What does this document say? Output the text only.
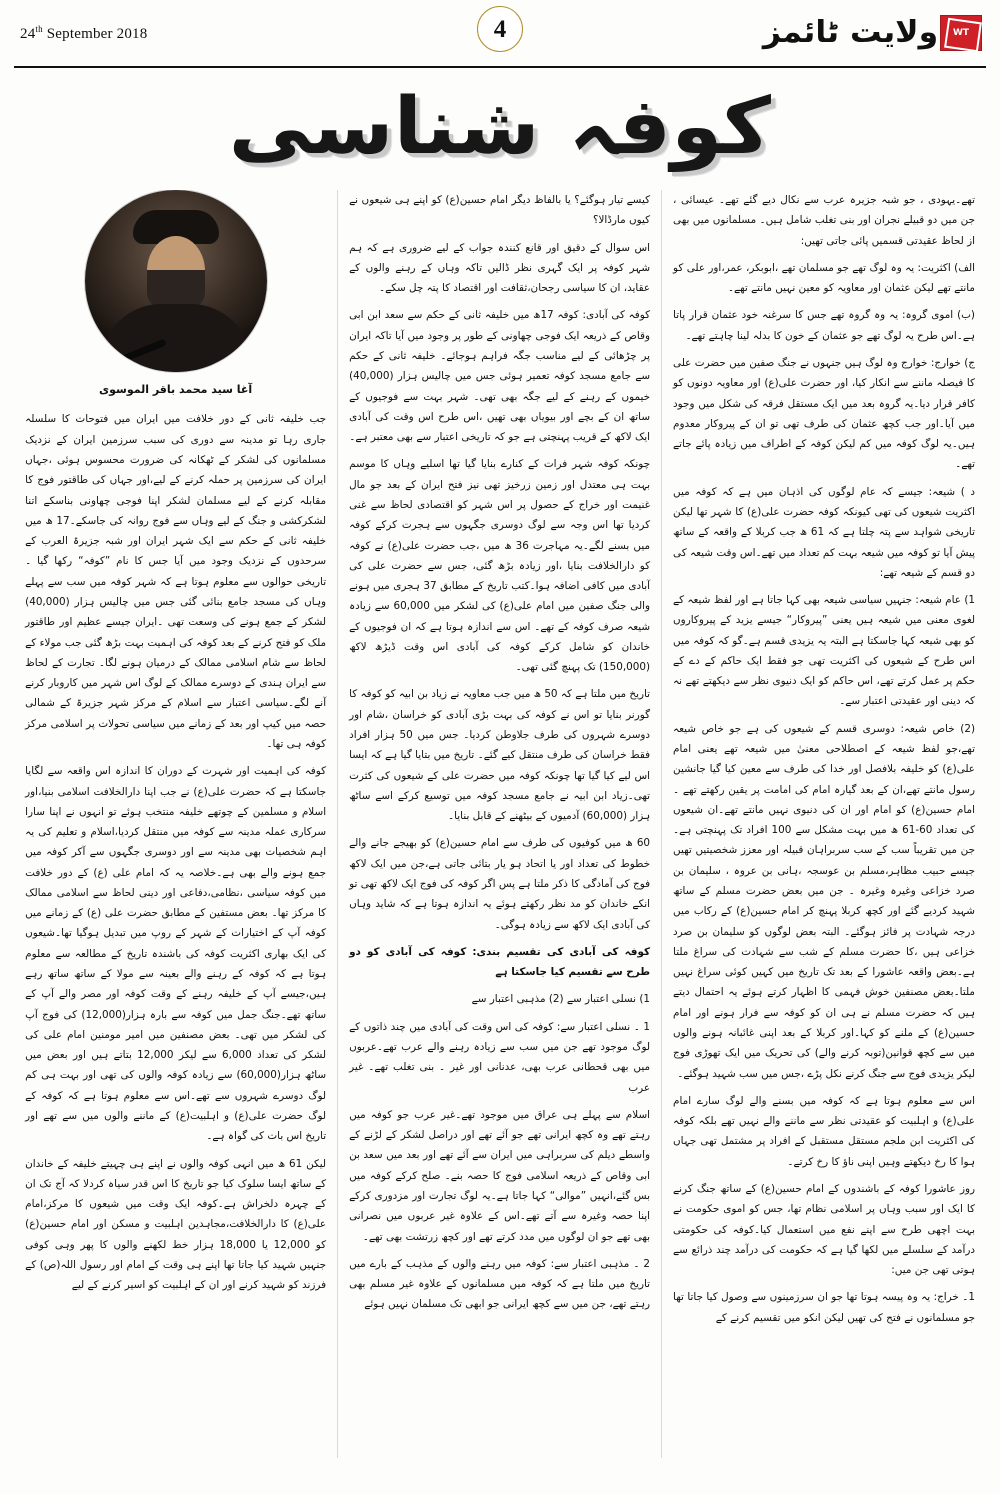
24th September 2018	4	ولایت ٹائمز WT
کوفہ شناسی

تھے۔یہودی ، جو شبہ جزیرہ عرب سے نکال دیے گئے تھے۔ عیسائی ، جن میں دو قبیلے نجران اور بنی تغلب شامل ہیں۔ مسلمانوں میں بھی از لحاظ عقیدتی قسمیں پائی جاتی تھیں:

الف) اکثریت: یہ وہ لوگ تھے جو مسلمان تھے ،ابوبکر، عمر،اور علی کو مانتے تھے لیکن عثمان اور معاویہ کو معین نہیں مانتے تھے۔

(ب) اموی گروہ: یہ وہ گروہ تھے جس کا سرغنہ خود عثمان قرار پاتا ہے۔اس طرح یہ لوگ تھے جو عثمان کے خون کا بدلہ لینا چاہتے تھے۔

ج) خوارج: خوارج وہ لوگ ہیں جنہوں نے جنگ صفین میں حضرت علی کا فیصلہ ماننے سے انکار کیا، اور حضرت علی(ع) اور معاویہ دونوں کو کافر قرار دیا۔یہ گروہ بعد میں ایک مستقل فرقہ کی شکل میں وجود میں آیا۔اور جب کچھ عثمان کی طرف تھی تو ان کے پیروکار معدوم ہیں۔یہ لوگ کوفہ میں کم لیکن کوفہ کے اطراف میں زیادہ پائے جاتے تھے۔

د ) شیعہ: جیسے کہ عام لوگوں کی اذہان میں ہے کہ کوفہ میں اکثریت شیعوں کی تھی کیونکہ کوفہ حضرت علی(ع) کا شہر تھا لیکن تاریخی شواہد سے پتہ چلتا ہے کہ 61 ھ جب کربلا کے واقعہ کے ساتھ پیش آیا تو کوفہ میں شیعہ بہت کم تعداد میں تھے۔اس وقت شیعہ کی دو قسم کے شیعہ تھے:

1) عام شیعہ: جنہیں سیاسی شیعہ بھی کہا جاتا ہے اور لفظ شیعہ کے لغوی معنی میں شیعہ ہیں یعنی ”پیروکار“ جیسے یزید کے پیروکاروں کو بھی شیعہ کہا جاسکتا ہے البتہ یہ یزیدی قسم ہے۔گو کہ کوفہ میں اس طرح کے شیعوں کی اکثریت تھی جو فقط ایک حاکم کے دے کے حکم پر عمل کرتے تھے، اس حاکم کو ایک دنیوی نظر سے دیکھتے تھے نہ کہ دینی اور عقیدتی اعتبار سے۔

(2) خاص شیعہ: دوسری قسم کے شیعوں کی ہے جو خاص شیعہ تھے،جو لفظ شیعہ کے اصطلاحی معنیٰ میں شیعہ تھے یعنی امام علی(ع) کو خلیفہ بلافصل اور خدا کی طرف سے معین کیا گیا جانشین رسول مانتے تھے،ان کے بعد گیارہ امام کی امامت پر یقین رکھتے تھے ۔امام حسین(ع) کو امام اور ان کی دنیوی نہیں مانتے تھے۔ان شیعوں کی تعداد 60-61 ھ میں بہت مشکل سے 100 افراد تک پہنچتی ہے۔ جن میں تقریباً سب کے سب سربراہان قبیلہ اور معزز شخصیتیں تھیں جیسے حبیب مظاہر،مسلم بن عوسجہ ،ہانی بن عروہ ، سلیمان بن صرد خزاعی وغیرہ وغیرہ ۔ جن میں بعض حضرت مسلم کے ساتھ شہید کردیے گئے اور کچھ کربلا پہنچ کر امام حسین(ع) کے رکاب میں درجہ شہادت پر فائز ہوگئے۔ البتہ بعض لوگوں کو سلیمان بن صرد خزاعی ہیں ،کا حضرت مسلم کے شب سے شہادت کی سراغ ملتا ہے۔بعض واقعہ عاشورا کے بعد تک تاریخ میں کہیں کوئی سراغ نہیں ملتا۔بعض مصنفین خوش فہمی کا اظہار کرتے ہوئے یہ احتمال دیتے ہیں کہ حضرت مسلم نے ہی ان کو کوفہ سے فرار ہونے اور امام حسین(ع) کے ملنے کو کہا۔اور کربلا کے بعد اپنی غائبانہ ہونے والوں میں سے کچھ قوانین(توبہ کرنے والے) کی تحریک میں ایک تھوڑی فوج لیکر یزیدی فوج سے جنگ کرنے نکل پڑے ،جس میں سب شہید ہوگئے۔

اس سے معلوم ہوتا ہے کہ کوفہ میں بسنے والے لوگ سارے امام علی(ع) و اہلبیت کو عقیدتی نظر سے ماننے والے نہیں تھے بلکہ کوفہ کی اکثریت ابن ملجم مستقل مستقبل کے افراد پر مشتمل تھی جہاں ہوا کا رخ دیکھتے وہیں اپنی ناؤ کا رخ کرتے۔

روز عاشورا کوفہ کے باشندوں کے امام حسین(ع) کے ساتھ جنگ کرنے کا ایک اور سبب وہاں پر اسلامی نظام تھا، جس کو اموی حکومت نے بہت اچھی طرح سے اپنے نفع میں استعمال کیا۔کوفہ کی حکومتی درآمد کے سلسلے میں لکھا گیا ہے کہ حکومت کی درآمد چند ذرائع سے ہوتی تھی جن میں:

1۔ خراج: یہ وہ پیسہ ہوتا تھا جو ان سرزمینوں سے وصول کیا جاتا تھا جو مسلمانوں نے فتح کی تھیں لیکن انکو میں تقسیم کرنے کے

کیسے تیار ہوگئے؟ یا بالفاظ دیگر امام حسین(ع) کو اپنے ہی شیعوں نے کیوں مارڈالا؟

اس سوال کے دقیق اور قانع کنندہ جواب کے لیے ضروری ہے کہ ہم شہر کوفہ پر ایک گہری نظر ڈالیں تاکہ وہاں کے رہنے والوں کے عقاید، ان کا سیاسی رجحان،ثقافت اور اقتصاد کا پتہ چل سکے۔

کوفہ کی آبادی: کوفہ 17ھ میں خلیفہ ثانی کے حکم سے سعد ابن ابی وقاص کے ذریعہ ایک فوجی چھاونی کے طور پر وجود میں آیا تاکہ ایران پر چڑھائی کے لیے مناسب جگہ فراہم ہوجائے۔ خلیفہ ثانی کے حکم سے جامع مسجد کوفہ تعمیر ہوئی جس میں چالیس ہزار (40,000) خیموں کے رہنے کے لیے جگہ بھی تھی۔ شہر بہت سے فوجیوں کے ساتھ ان کے بچے اور بیویاں بھی تھیں ،اس طرح اس وقت کی آبادی ایک لاکھ کے قریب پہنچتی ہے جو کہ تاریخی اعتبار سے بھی معتبر ہے۔

چونکہ کوفہ شہر فرات کے کنارے بنایا گیا تھا اسلیے وہاں کا موسم بہت ہی معتدل اور زمین زرخیز تھی نیز فتح ایران کے بعد جو مال غنیمت اور خراج کے حصول پر اس شہر کو اقتصادی لحاظ سے غنی کردیا تھا اس وجہ سے لوگ دوسری جگہوں سے ہجرت کرکے کوفہ میں بسنے لگے۔یہ مہاجرت 36 ھ میں ،جب حضرت علی(ع) نے کوفہ کو دارالخلافت بنایا ،اور زیادہ بڑھ گئی، جس سے حضرت علی کی آبادی میں کافی اضافہ ہوا۔کتب تاریخ کے مطابق 37 ہجری میں ہونے والی جنگ صفین میں امام علی(ع) کی لشکر میں 60,000 سے زیادہ شیعہ صرف کوفہ کے تھے۔ اس سے اندازہ ہوتا ہے کہ ان فوجیوں کے خاندان کو شامل کرکے کوفہ کی آبادی اس وقت ڈیڑھ لاکھ (150,000) تک پہنچ گئی تھی۔

تاریخ میں ملتا ہے کہ 50 ھ میں جب معاویہ نے زیاد بن ابیہ کو کوفہ کا گورنر بنایا تو اس نے کوفہ کی بہت بڑی آبادی کو خراسان ،شام اور دوسرے شہروں کی طرف جلاوطن کردیا۔ جس میں 50 ہزار افراد فقط خراسان کی طرف منتقل کیے گئے۔ تاریخ میں بتایا گیا ہے کہ ایسا اس لیے کیا گیا تھا چونکہ کوفہ میں حضرت علی کے شیعوں کی کثرت تھی۔زیاد ابن ابیہ نے جامع مسجد کوفہ میں توسیع کرکے اسے ساٹھ ہزار (60,000) آدمیوں کے بیٹھنے کے قابل بنایا۔

60 ھ میں کوفیوں کی طرف سے امام حسین(ع) کو بھیجے جانے والے خطوط کی تعداد اور یا اتحاد ہو یار بتائی جاتی ہے،جن میں ایک لاکھ فوج کی آمادگی کا ذکر ملتا ہے پس اگر کوفہ کی فوج ایک لاکھ تھی تو انکے خاندان کو مد نظر رکھتے ہوئے یہ اندازہ ہوتا ہے کہ شاید وہاں کی آبادی ایک لاکھ سے زیادہ ہوگی۔

کوفہ کی آبادی کی تقسیم بندی: کوفہ کی آبادی کو دو طرح سے تقسیم کیا جاسکتا ہے

1) نسلی اعتبار سے (2) مذہبی اعتبار سے

1 ۔ نسلی اعتبار سے: کوفہ کی اس وقت کی آبادی میں چند ذاتوں کے لوگ موجود تھے جن میں سب سے زیادہ رہنے والے عرب تھے۔عربوں میں بھی قحطانی عرب بھی، عدنانی اور غیر ۔ بنی تغلب تھے۔ غیر عرب

اسلام سے پہلے ہی عراق میں موجود تھے۔غیر عرب جو کوفہ میں رہتے تھے وہ کچھ ایرانی تھے جو آئے تھے اور دراصل لشکر کے لڑنے کے واسطے دیلم کی سربراہی میں ایران سے آئے تھے اور بعد میں سعد بن ابی وقاص کے ذریعہ اسلامی فوج کا حصہ بنے۔ صلح کرکے کوفہ میں بس گئے،انہیں ”موالی“ کہا جاتا ہے۔یہ لوگ تجارت اور مزدوری کرکے اپنا حصہ وغیرہ سے آتے تھے۔اس کے علاوہ غیر عربوں میں نصرانی بھی تھے جو ان لوگوں میں مدد کرتے تھے اور کچھ زرتشت بھی تھے۔

2 ۔ مذہبی اعتبار سے: کوفہ میں رہنے والوں کے مذہب کے بارے میں تاریخ میں ملتا ہے کہ کوفہ میں مسلمانوں کے علاوہ غیر مسلم بھی رہتے تھے، جن میں سے کچھ ایرانی جو ابھی تک مسلمان نہیں ہوئے

آغا سید محمد باقر الموسوی

جب خلیفہ ثانی کے دور خلافت میں ایران میں فتوحات کا سلسلہ جاری رہا تو مدینہ سے دوری کی سبب سرزمین ایران کے نزدیک مسلمانوں کی لشکر کے ٹھکانہ کی ضرورت محسوس ہوئی ،جہاں ایران کی سرزمین پر حملہ کرنے کے لیے،اور جہاں کی طاقتور فوج کا مقابلہ کرنے کے لیے مسلمان لشکر اپنا فوجی چھاونی بناسکے اتنا لشکرکشی و جنگ کے لیے وہاں سے فوج روانہ کی جاسکے۔17 ھ میں خلیفہ ثانی کے حکم سے ایک شہر ایران اور شبہ جزیرۃ العرب کے سرحدوں کے نزدیک وجود میں آیا جس کا نام ”کوفہ“ رکھا گیا ۔ تاریخی حوالوں سے معلوم ہوتا ہے کہ شہر کوفہ میں سب سے پہلے وہاں کی مسجد جامع بنائی گئی جس میں چالیس ہزار (40,000) لشکر کے جمع ہونے کی وسعت تھی ۔ایران جیسے عظیم اور طاقتور ملک کو فتح کرنے کے بعد کوفہ کی اہمیت بہت بڑھ گئی جب مولاء کے لحاظ سے شام اسلامی ممالک کے درمیان ہونے لگا۔ تجارت کے لحاظ سے ایران ہندی کے دوسرے ممالک کے لوگ اس شہر میں کاروبار کرنے آنے لگے۔سیاسی اعتبار سے اسلام کے مرکز شہر جزیرۃ کے شمالی حصہ میں کیپ اور بعد کے زمانے میں سیاسی تحولات پر اسلامی مرکز کوفہ ہی تھا۔

کوفہ کی اہمیت اور شہرت کے دوران کا اندازہ اس واقعہ سے لگایا جاسکتا ہے کہ حضرت علی(ع) نے جب اپنا دارالخلافت اسلامی بنیا،اور اسلام و مسلمین کے چوتھے خلیفہ منتخب ہوئے تو انہوں نے اپنا سارا سرکاری عملہ مدینہ سے کوفہ میں منتقل کردیا،اسلام و تعلیم کی یہ اہم شخصیات بھی مدینہ سے اور دوسری جگہوں سے آکر کوفہ میں جمع ہونے والے بھی ہے۔خلاصہ یہ کہ امام علی (ع) کے دور خلافت میں کوفہ سیاسی ،نظامی،دفاعی اور دینی لحاظ سے اسلامی ممالک کا مرکز تھا۔ بعض مستفین کے مطابق حضرت علی (ع) کے زمانے میں کوفہ آپ کے اختیارات کے شہر کے روپ میں تبدیل ہوگیا تھا۔شیعوں کی ایک بھاری اکثریت کوفہ کی باشندہ تاریخ کے مطالعہ سے معلوم ہوتا ہے کہ کوفہ کے رہنے والے بعینہ سے مولا کے ساتھ ساتھ رہے ہیں،جیسے آپ کے خلیفہ رہنے کے وقت کوفہ اور مصر والے آپ کے ساتھ تھے۔جنگ جمل میں کوفہ سے بارہ ہزار(12,000) کی فوج آپ کی لشکر میں تھی۔ بعض مصنفین میں امیر مومنین امام علی کی لشکر کی تعداد 6,000 سے لیکر 12,000 بتاتے ہیں اور بعض میں ساٹھ ہزار(60,000) سے زیادہ کوفہ والوں کی تھی اور بہت ہی کم لوگ دوسرے شہروں سے تھے۔اس سے معلوم ہوتا ہے کہ کوفہ کے لوگ حضرت علی(ع) و اہلبیت(ع) کے ماننے والوں میں سے تھے اور تاریخ اس بات کی گواہ ہے۔

لیکن 61 ھ میں انہی کوفہ والوں نے اپنے ہی چہیتے خلیفہ کے خاندان کے ساتھ ایسا سلوک کیا جو تاریخ کا اس قدر سیاہ کردلا کہ آج تک ان کے چہرہ دلخراش ہے۔کوفہ ایک وقت میں شیعوں کا مرکز،امام علی(ع) کا دارالخلافت،مجاہدین اہلبیت و مسکن اور امام حسین(ع) کو 12,000 یا 18,000 ہزار خط لکھنے والوں کا پھر وہی کوفی جنہیں شہید کیا جاتا تھا اپنے ہی وقت کے امام اور رسول اللہ(ص) کے فرزند کو شہید کرنے اور ان کے اہلبیت کو اسیر کرنے کے لیے
